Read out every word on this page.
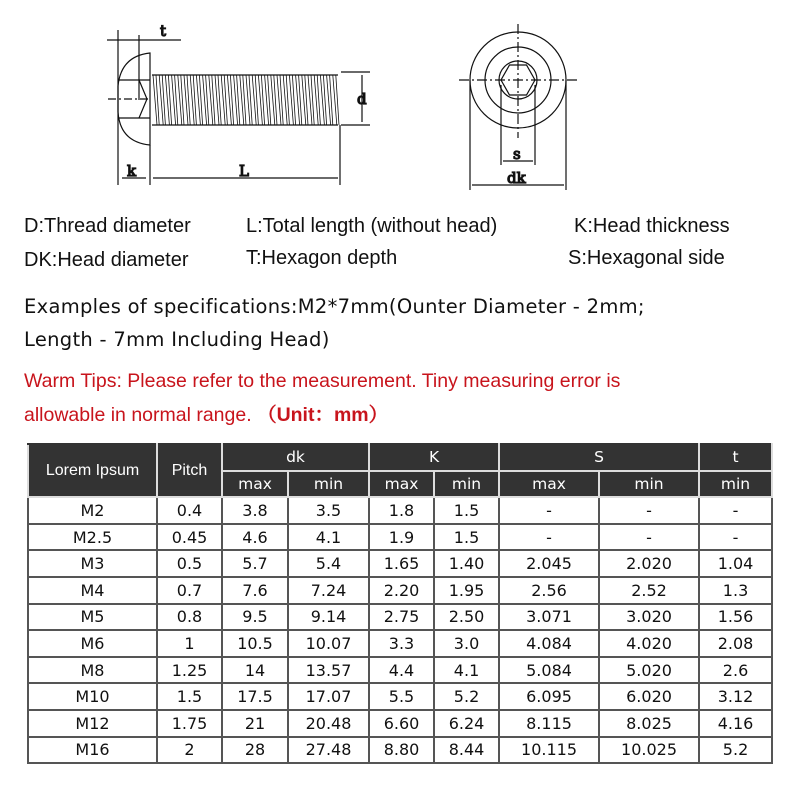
t
d
k	L
s
dk
D:Thread diameter	L:Total length (without head)	K:Head thickness
DK:Head diameter	T:Hexagon depth	S:Hexagonal side
Examples of specifications:M2*7mm(Ounter Diameter - 2mm;
Length - 7mm Including Head)
Warm Tips: Please refer to the measurement. Tiny measuring error is
allowable in normal range. （Unit：mm）
Lorem Ipsum	Pitch	dk		K		S		t
		max	min	max	min	max	min	min
M2	0.4	3.8	3.5	1.8	1.5	-	-	-
M2.5	0.45	4.6	4.1	1.9	1.5	-	-	-
M3	0.5	5.7	5.4	1.65	1.40	2.045	2.020	1.04
M4	0.7	7.6	7.24	2.20	1.95	2.56	2.52	1.3
M5	0.8	9.5	9.14	2.75	2.50	3.071	3.020	1.56
M6	1	10.5	10.07	3.3	3.0	4.084	4.020	2.08
M8	1.25	14	13.57	4.4	4.1	5.084	5.020	2.6
M10	1.5	17.5	17.07	5.5	5.2	6.095	6.020	3.12
M12	1.75	21	20.48	6.60	6.24	8.115	8.025	4.16
M16	2	28	27.48	8.80	8.44	10.115	10.025	5.2
